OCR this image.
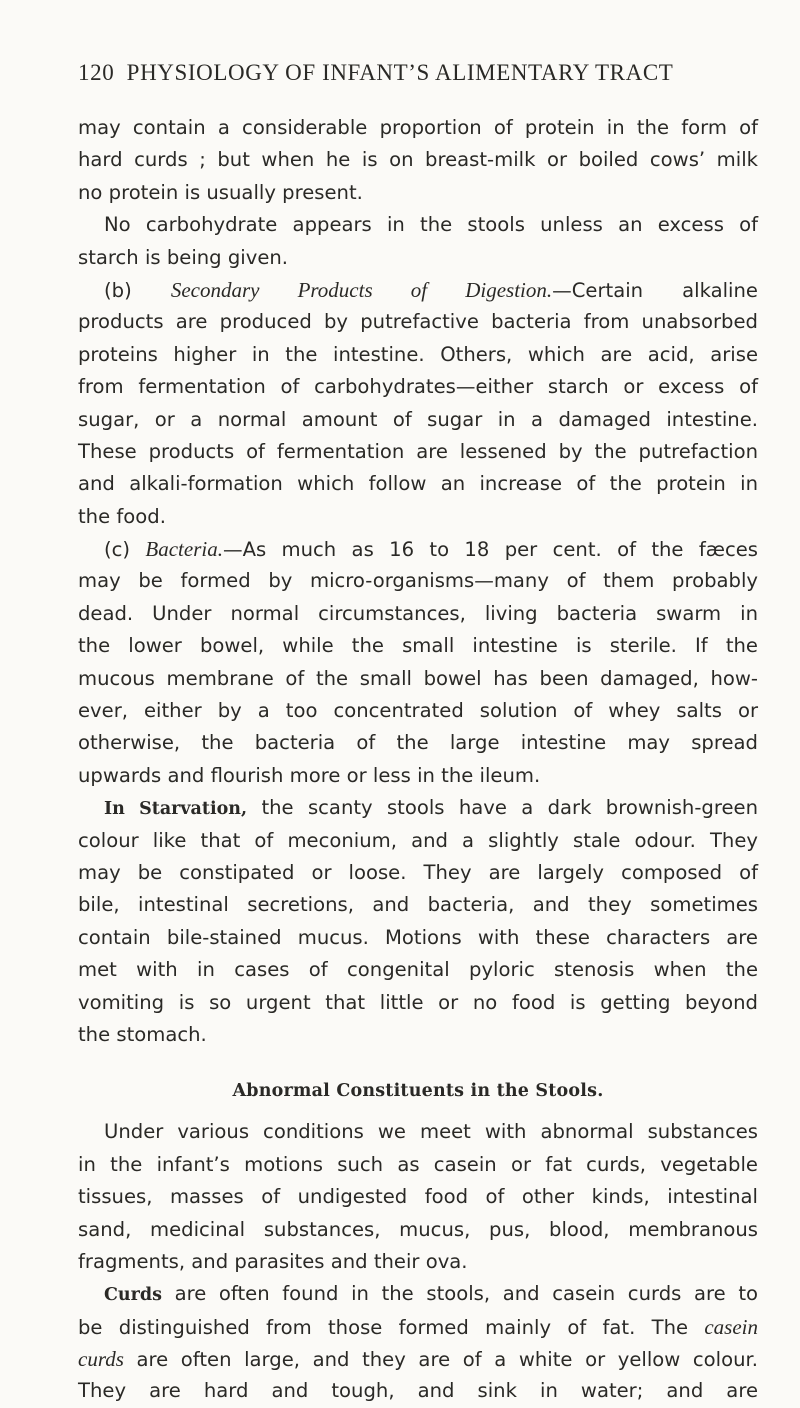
120 PHYSIOLOGY OF INFANT’S ALIMENTARY TRACT
may contain a considerable proportion of protein in the form of
hard curds ; but when he is on breast-milk or boiled cows’ milk
no protein is usually present.
No carbohydrate appears in the stools unless an excess of
starch is being given.
(b) Secondary Products of Digestion.—Certain alkaline
products are produced by putrefactive bacteria from unabsorbed
proteins higher in the intestine. Others, which are acid, arise
from fermentation of carbohydrates—either starch or excess of
sugar, or a normal amount of sugar in a damaged intestine.
These products of fermentation are lessened by the putrefaction
and alkali-formation which follow an increase of the protein in
the food.
(c) Bacteria.—As much as 16 to 18 per cent. of the fæces
may be formed by micro-organisms—many of them probably
dead. Under normal circumstances, living bacteria swarm in
the lower bowel, while the small intestine is sterile. If the
mucous membrane of the small bowel has been damaged, how-
ever, either by a too concentrated solution of whey salts or
otherwise, the bacteria of the large intestine may spread
upwards and flourish more or less in the ileum.
In Starvation, the scanty stools have a dark brownish-green
colour like that of meconium, and a slightly stale odour. They
may be constipated or loose. They are largely composed of
bile, intestinal secretions, and bacteria, and they sometimes
contain bile-stained mucus. Motions with these characters are
met with in cases of congenital pyloric stenosis when the
vomiting is so urgent that little or no food is getting beyond
the stomach.
Abnormal Constituents in the Stools.
Under various conditions we meet with abnormal substances
in the infant’s motions such as casein or fat curds, vegetable
tissues, masses of undigested food of other kinds, intestinal
sand, medicinal substances, mucus, pus, blood, membranous
fragments, and parasites and their ova.
Curds are often found in the stools, and casein curds are to
be distinguished from those formed mainly of fat. The casein
curds are often large, and they are of a white or yellow colour.
They are hard and tough, and sink in water; and are
